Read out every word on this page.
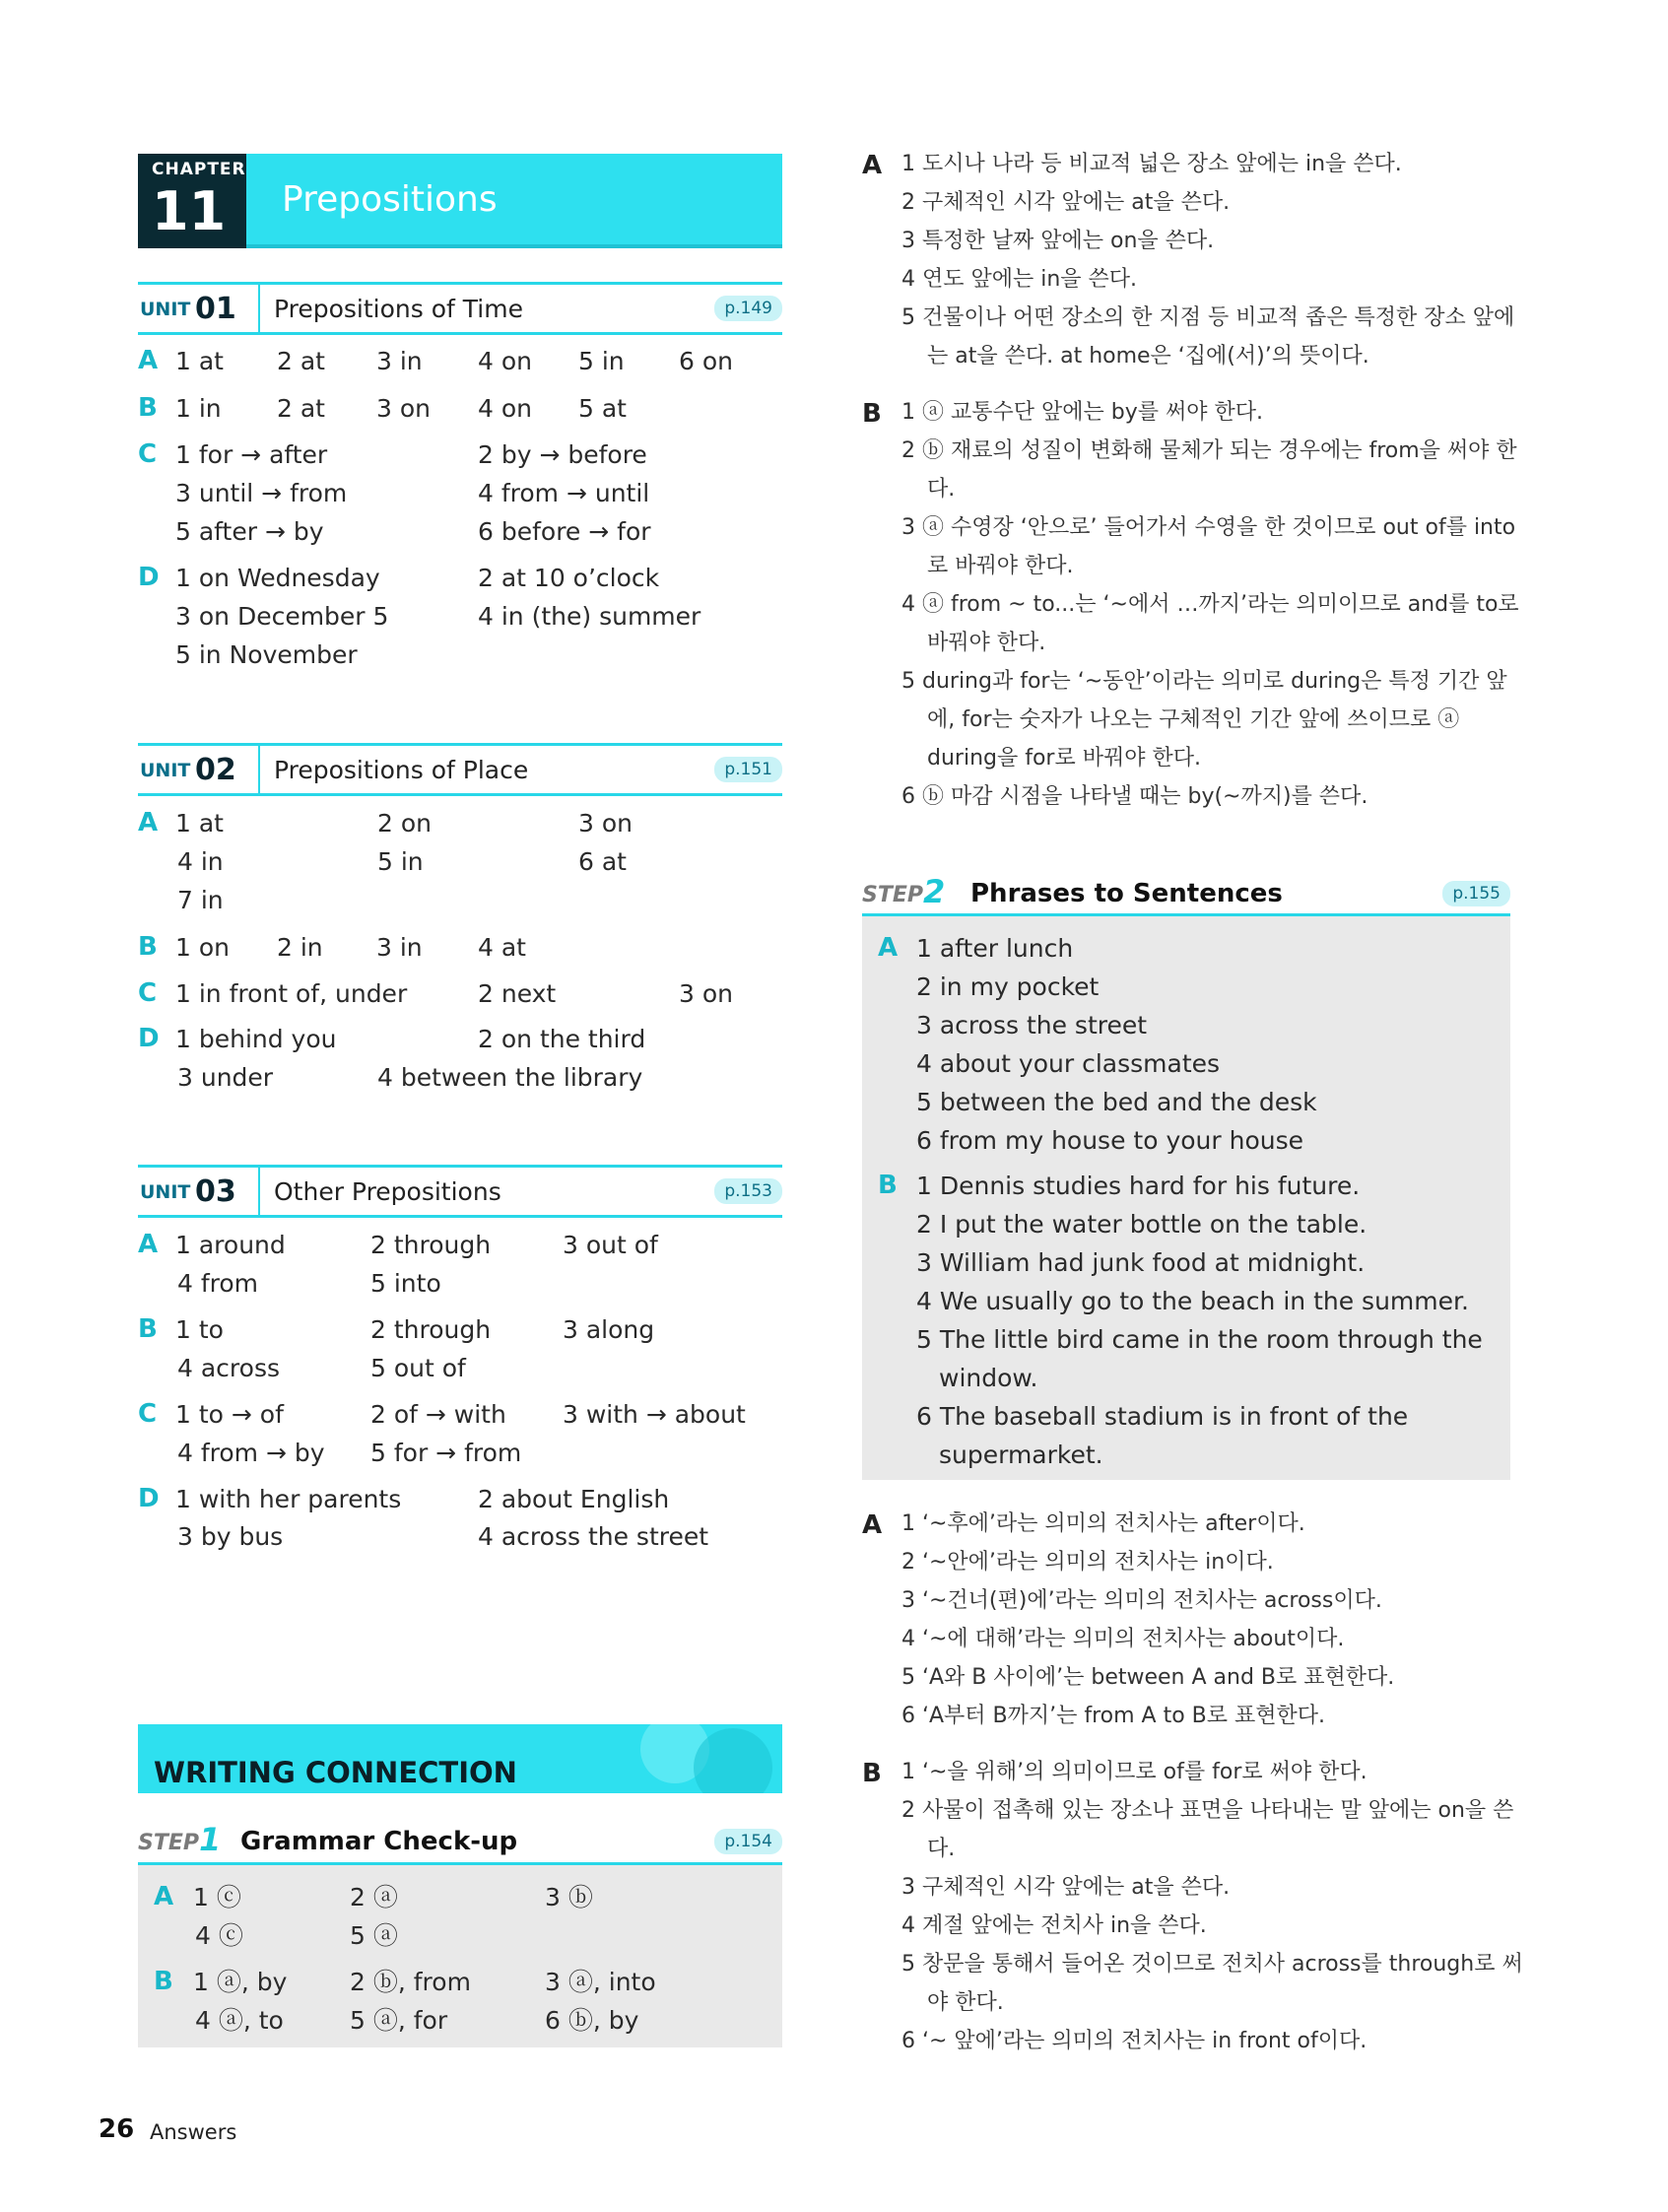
CHAPTER
11 Prepositions
UNIT 01 Prepositions of Time	p.149
A 1 at 2 at 3 in 4 on 5 in 6 on
B 1 in 2 at 3 on 4 on 5 at
C 1 for → after	2 by → before
3 until → from	4 from → until
5 after → by	6 before → for
D 1 on Wednesday	2 at 10 o’clock
3 on December 5	4 in (the) summer
5 in November
UNIT 02 Prepositions of Place	p.151
A 1 at	2 on	3 on
4 in	5 in	6 at
7 in
B 1 on 2 in 3 in 4 at
C 1 in front of, under	2 next	3 on
D 1 behind you	2 on the third
3 under	4 between the library
UNIT 03 Other Prepositions	p.153
A 1 around	2 through	3 out of
4 from	5 into
B 1 to	2 through	3 along
4 across	5 out of
C 1 to → of	2 of → with 3 with → about
4 from → by 5 for → from
D 1 with her parents	2 about English
3 by bus	4 across the street
WRITING CONNECTION
STEP 1 Grammar Check-up	p.154
A 1 ⓒ	2 ⓐ	3 ⓑ
4 ⓒ	5 ⓐ
B 1 ⓐ, by	2 ⓑ, from	3 ⓐ, into
4 ⓐ, to	5 ⓐ, for	6 ⓑ, by
26 Answers
A 1 도시나 나라 등 비교적 넓은 장소 앞에는 in을 쓴다.
2 구체적인 시각 앞에는 at을 쓴다.
3 특정한 날짜 앞에는 on을 쓴다.
4 연도 앞에는 in을 쓴다.
5 건물이나 어떤 장소의 한 지점 등 비교적 좁은 특정한 장소 앞에
는 at을 쓴다. at home은 ‘집에(서)’의 뜻이다.
B 1 ⓐ 교통수단 앞에는 by를 써야 한다.
2 ⓑ 재료의 성질이 변화해 물체가 되는 경우에는 from을 써야 한
다.
3 ⓐ 수영장 ‘안으로’ 들어가서 수영을 한 것이므로 out of를 into
로 바꿔야 한다.
4 ⓐ from ~ to...는 ‘~에서 …까지’라는 의미이므로 and를 to로
바꿔야 한다.
5 during과 for는 ‘~동안’이라는 의미로 during은 특정 기간 앞
에, for는 숫자가 나오는 구체적인 기간 앞에 쓰이므로 ⓐ
during을 for로 바꿔야 한다.
6 ⓑ 마감 시점을 나타낼 때는 by(~까지)를 쓴다.
STEP 2 Phrases to Sentences	p.155
A 1 after lunch
2 in my pocket
3 across the street
4 about your classmates
5 between the bed and the desk
6 from my house to your house
B 1 Dennis studies hard for his future.
2 I put the water bottle on the table.
3 William had junk food at midnight.
4 We usually go to the beach in the summer.
5 The little bird came in the room through the
window.
6 The baseball stadium is in front of the
supermarket.
A 1 ‘~후에’라는 의미의 전치사는 after이다.
2 ‘~안에’라는 의미의 전치사는 in이다.
3 ‘~건너(편)에’라는 의미의 전치사는 across이다.
4 ‘~에 대해’라는 의미의 전치사는 about이다.
5 ‘A와 B 사이에’는 between A and B로 표현한다.
6 ‘A부터 B까지’는 from A to B로 표현한다.
B 1 ‘~을 위해’의 의미이므로 of를 for로 써야 한다.
2 사물이 접촉해 있는 장소나 표면을 나타내는 말 앞에는 on을 쓴
다.
3 구체적인 시각 앞에는 at을 쓴다.
4 계절 앞에는 전치사 in을 쓴다.
5 창문을 통해서 들어온 것이므로 전치사 across를 through로 써
야 한다.
6 ‘~ 앞에’라는 의미의 전치사는 in front of이다.
